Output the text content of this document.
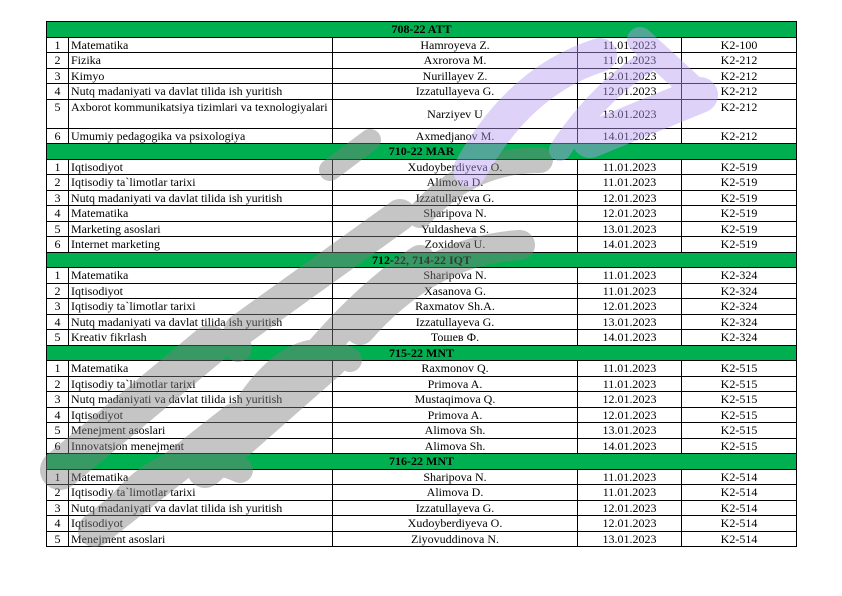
708-22 ATT				
1	Matematika	Hamroyeva Z.	11.01.2023	K2-100
2	Fizika	Axrorova M.	11.01.2023	K2-212
3	Kimyo	Nurillayev Z.	12.01.2023	K2-212
4	Nutq madaniyati va davlat tilida ish yuritish	Izzatullayeva G.	12.01.2023	K2-212
5	Axborot kommunikatsiya tizimlari va texnologiyalari	Narziyev U	13.01.2023	K2-212
6	Umumiy pedagogika va psixologiya	Axmedjanov M.	14.01.2023	K2-212
710-22 MAR				
1	Iqtisodiyot	Xudoyberdiyeva O.	11.01.2023	K2-519
2	Iqtisodiy ta`limotlar tarixi	Alimova D.	11.01.2023	K2-519
3	Nutq madaniyati va davlat tilida ish yuritish	Izzatullayeva G.	12.01.2023	K2-519
4	Matematika	Sharipova N.	12.01.2023	K2-519
5	Marketing asoslari	Yuldasheva S.	13.01.2023	K2-519
6	Internet marketing	Zoxidova U.	14.01.2023	K2-519
712-22, 714-22 IQT				
1	Matematika	Sharipova N.	11.01.2023	K2-324
2	Iqtisodiyot	Xasanova G.	11.01.2023	K2-324
3	Iqtisodiy ta`limotlar tarixi	Raxmatov Sh.A.	12.01.2023	K2-324
4	Nutq madaniyati va davlat tilida ish yuritish	Izzatullayeva G.	13.01.2023	K2-324
5	Kreativ fikrlash	Тошев Ф.	14.01.2023	K2-324
715-22 MNT				
1	Matematika	Raxmonov Q.	11.01.2023	K2-515
2	Iqtisodiy ta`limotlar tarixi	Primova A.	11.01.2023	K2-515
3	Nutq madaniyati va davlat tilida ish yuritish	Mustaqimova Q.	12.01.2023	K2-515
4	Iqtisodiyot	Primova A.	12.01.2023	K2-515
5	Menejment asoslari	Alimova Sh.	13.01.2023	K2-515
6	Innovatsion menejment	Alimova Sh.	14.01.2023	K2-515
716-22 MNT				
1	Matematika	Sharipova N.	11.01.2023	K2-514
2	Iqtisodiy ta`limotlar tarixi	Alimova D.	11.01.2023	K2-514
3	Nutq madaniyati va davlat tilida ish yuritish	Izzatullayeva G.	12.01.2023	K2-514
4	Iqtisodiyot	Xudoyberdiyeva O.	12.01.2023	K2-514
5	Menejment asoslari	Ziyovuddinova N.	13.01.2023	K2-514
